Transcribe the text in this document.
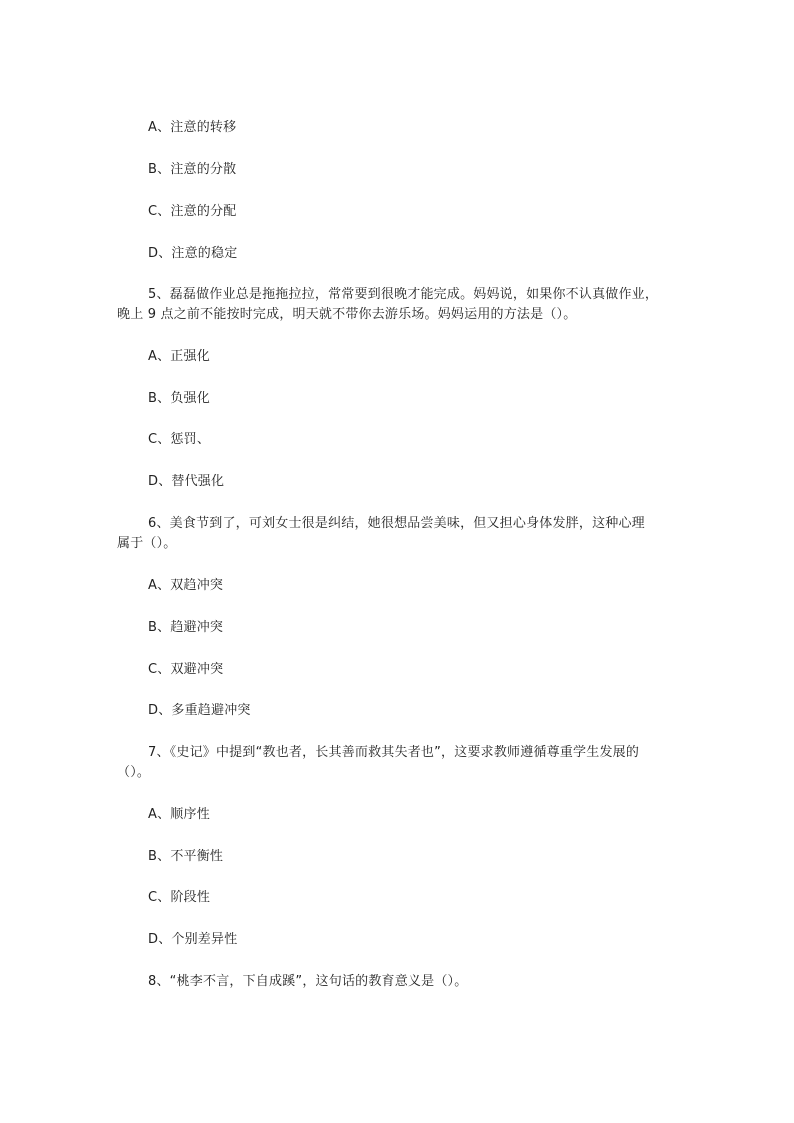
A、注意的转移
B、注意的分散
C、注意的分配
D、注意的稳定
5、磊磊做作业总是拖拖拉拉，常常要到很晚才能完成。妈妈说，如果你不认真做作业，
晚上 9 点之前不能按时完成，明天就不带你去游乐场。妈妈运用的方法是（）。
A、正强化
B、负强化
C、惩罚、
D、替代强化
6、美食节到了，可刘女士很是纠结，她很想品尝美味，但又担心身体发胖，这种心理
属于（）。
A、双趋冲突
B、趋避冲突
C、双避冲突
D、多重趋避冲突
7、《史记》中提到“教也者，长其善而救其失者也”，这要求教师遵循尊重学生发展的
（）。
A、顺序性
B、不平衡性
C、阶段性
D、个别差异性
8、“桃李不言，下自成蹊”，这句话的教育意义是（）。
